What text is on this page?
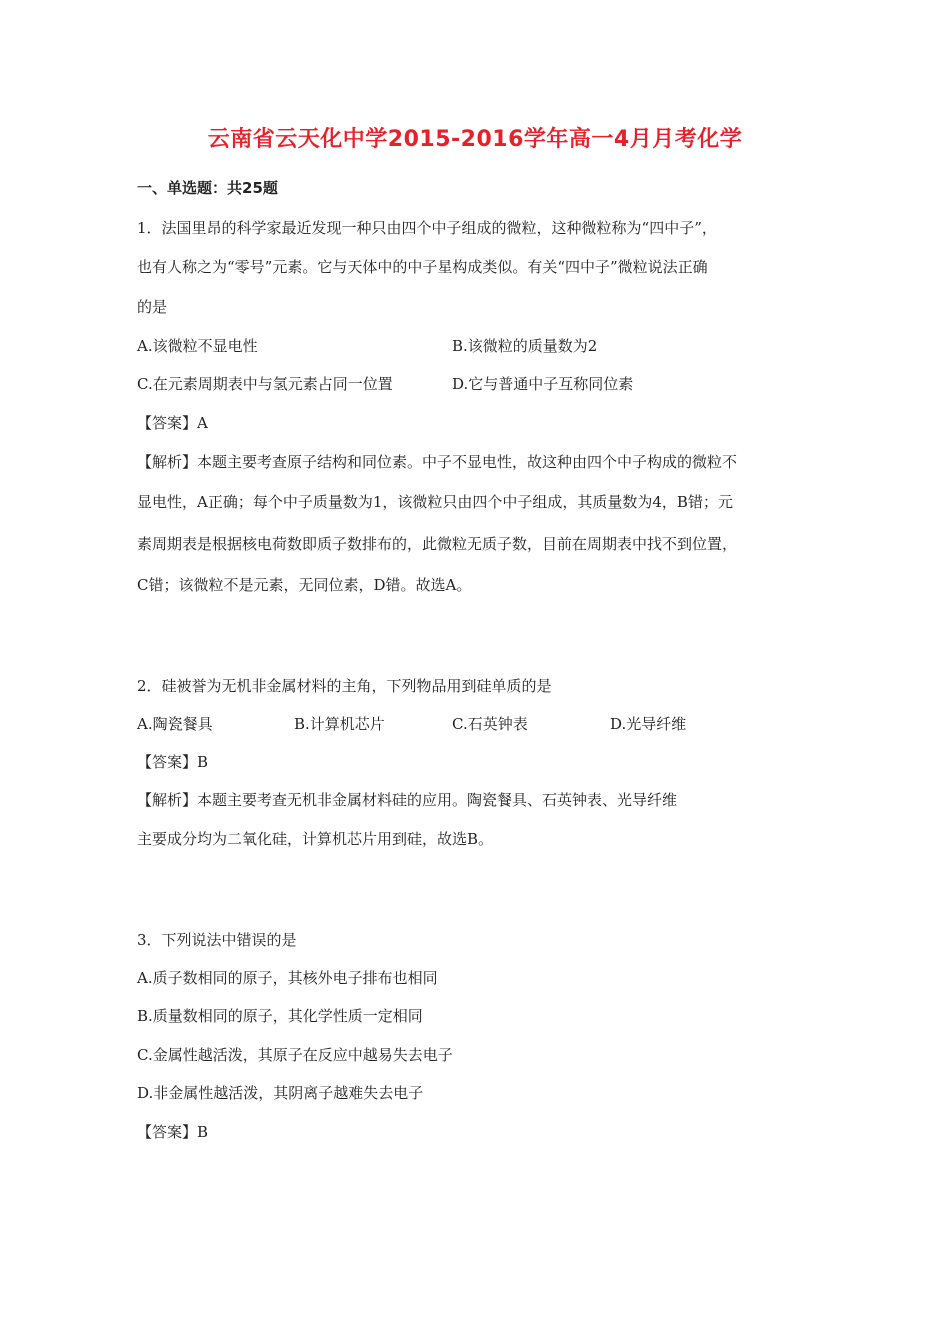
云南省云天化中学2015-2016学年高一4月月考化学
一、单选题：共25题
1．法国里昂的科学家最近发现一种只由四个中子组成的微粒，这种微粒称为“四中子”，
也有人称之为“零号”元素。它与天体中的中子星构成类似。有关“四中子”微粒说法正确
的是
A.该微粒不显电性	B.该微粒的质量数为2
C.在元素周期表中与氢元素占同一位置	D.它与普通中子互称同位素
【答案】A
【解析】本题主要考查原子结构和同位素。中子不显电性，故这种由四个中子构成的微粒不
显电性，A正确；每个中子质量数为1，该微粒只由四个中子组成，其质量数为4，B错；元
素周期表是根据核电荷数即质子数排布的，此微粒无质子数，目前在周期表中找不到位置，
C错；该微粒不是元素，无同位素，D错。故选A。
2．硅被誉为无机非金属材料的主角，下列物品用到硅单质的是
A.陶瓷餐具	B.计算机芯片	C.石英钟表	D.光导纤维
【答案】B
【解析】本题主要考查无机非金属材料硅的应用。陶瓷餐具、石英钟表、光导纤维
主要成分均为二氧化硅，计算机芯片用到硅，故选B。
3．下列说法中错误的是
A.质子数相同的原子，其核外电子排布也相同
B.质量数相同的原子，其化学性质一定相同
C.金属性越活泼，其原子在反应中越易失去电子
D.非金属性越活泼，其阴离子越难失去电子
【答案】B
